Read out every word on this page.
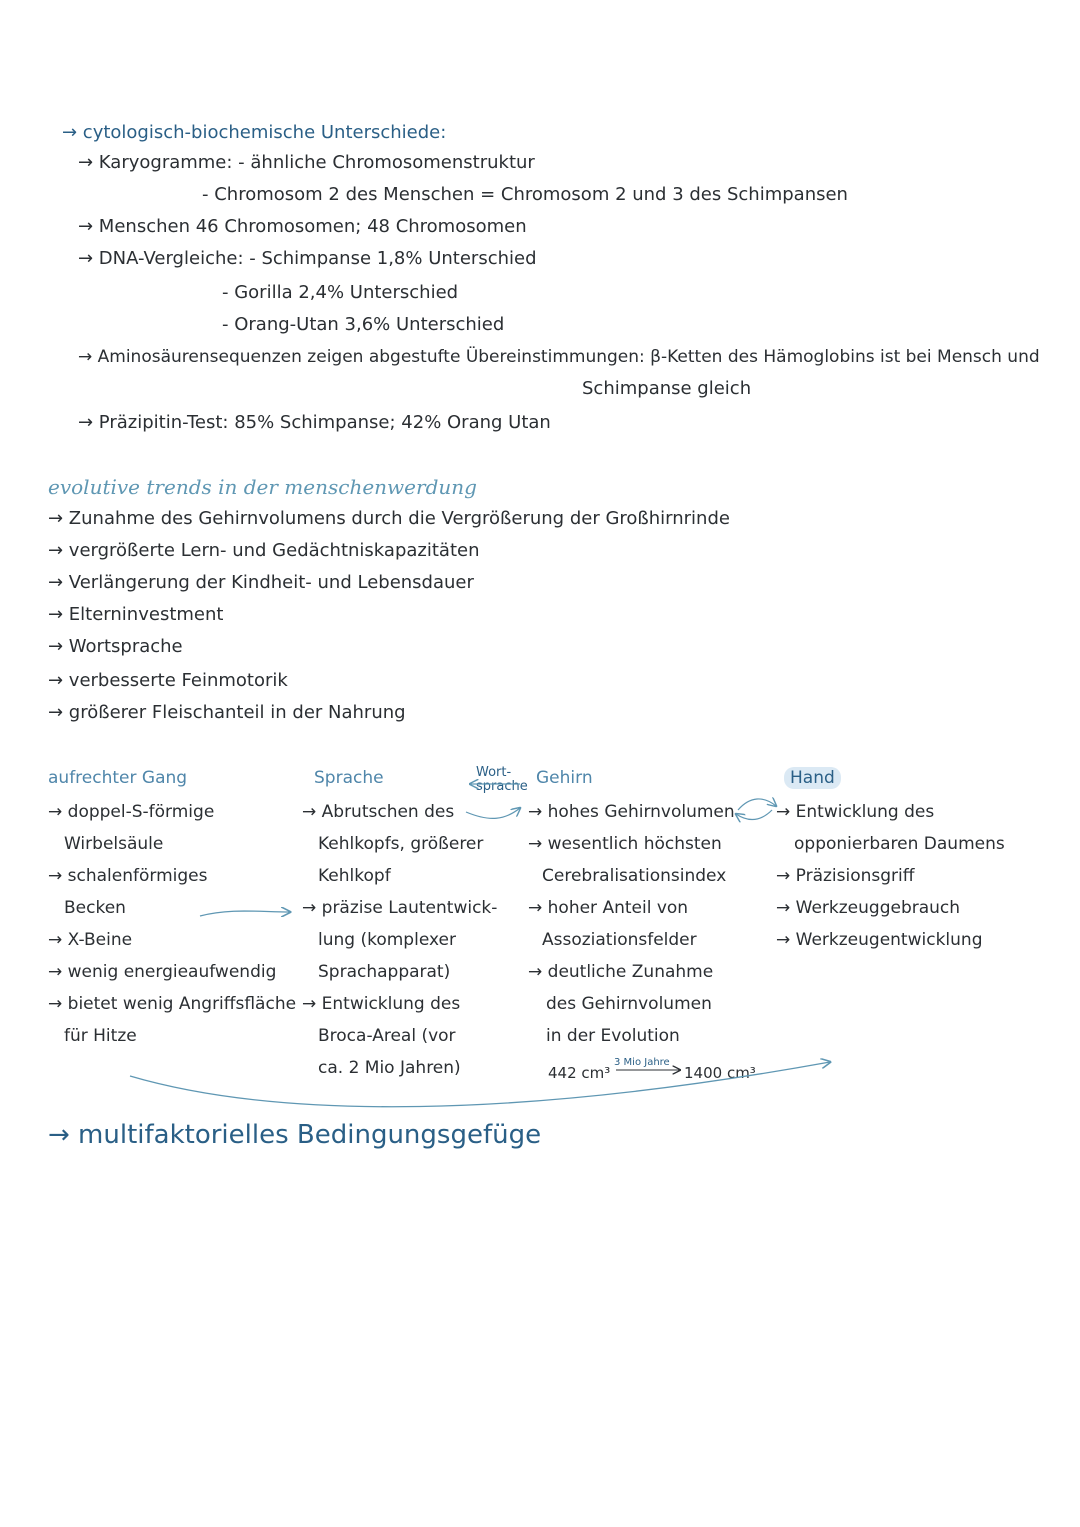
→ cytologisch-biochemische Unterschiede:
→ Karyogramme: - ähnliche Chromosomenstruktur
- Chromosom 2 des Menschen = Chromosom 2 und 3 des Schimpansen
→ Menschen 46 Chromosomen; 48 Chromosomen
→ DNA-Vergleiche: - Schimpanse 1,8% Unterschied
- Gorilla 2,4% Unterschied
- Orang-Utan 3,6% Unterschied
→ Aminosäurensequenzen zeigen abgestufte Übereinstimmungen: β-Ketten des Hämoglobins ist bei Mensch und
Schimpanse gleich
→ Präzipitin-Test: 85% Schimpanse; 42% Orang Utan
evolutive trends in der menschenwerdung
→ Zunahme des Gehirnvolumens durch die Vergrößerung der Großhirnrinde
→ vergrößerte Lern- und Gedächtniskapazitäten
→ Verlängerung der Kindheit- und Lebensdauer
→ Elterninvestment
→ Wortsprache
→ verbesserte Feinmotorik
→ größerer Fleischanteil in der Nahrung
aufrechter Gang
→ doppel-S-förmige
Wirbelsäule
→ schalenförmiges
Becken
→ X-Beine
→ wenig energieaufwendig
→ bietet wenig Angriffsfläche
für Hitze
Sprache
→ Abrutschen des
Kehlkopfs, größerer
Kehlkopf
→ präzise Lautentwick-
lung (komplexer
Sprachapparat)
→ Entwicklung des
Broca-Areal (vor
ca. 2 Mio Jahren)
Wort-
sprache Gehirn
→ hohes Gehirnvolumen
→ wesentlich höchsten
Cerebralisationsindex
→ hoher Anteil von
Assoziationsfelder
→ deutliche Zunahme
des Gehirnvolumen
in der Evolution
442 cm³
3 Mio Jahre
1400 cm³
Hand
→ Entwicklung des
opponierbaren Daumens
→ Präzisionsgriff
→ Werkzeuggebrauch
→ Werkzeugentwicklung
→ multifaktorielles Bedingungsgefüge
